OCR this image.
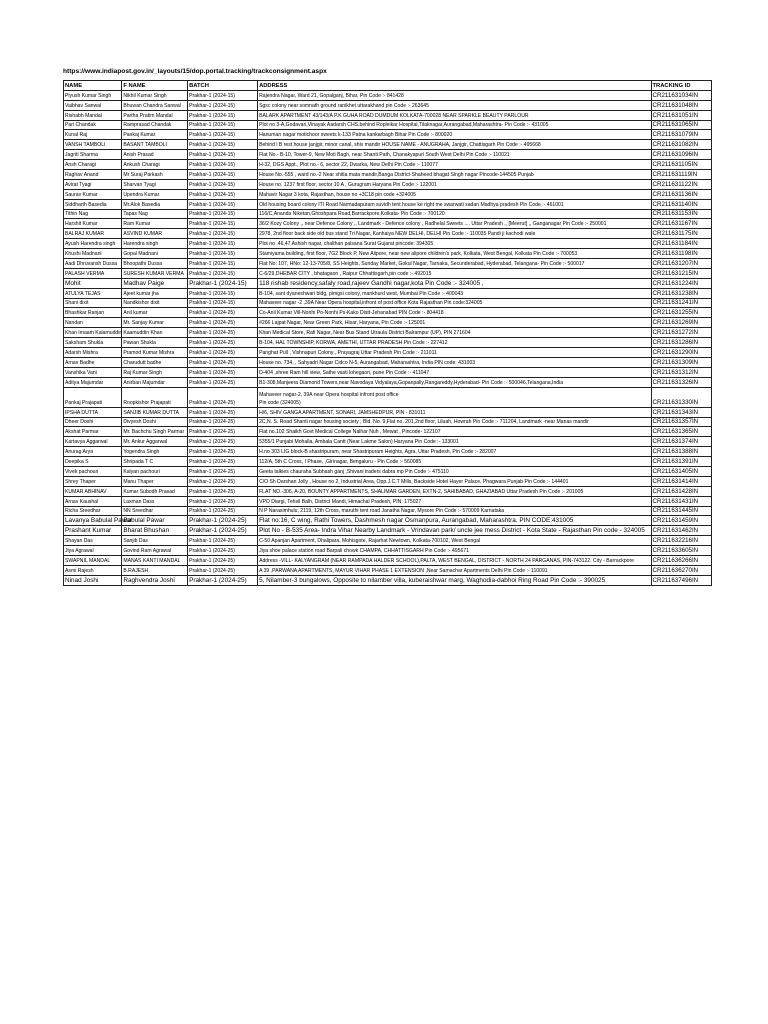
https://www.indiapost.gov.in/_layouts/15/dop.portal.tracking/trackconsignment.aspx
NAME	F NAME	BATCH	ADDRESS	TRACKING ID
Piyush Kumar Singh	Nikhil Kumar Singh	Prakhar-1 (2024-15)	Rajendra Nagar, Ward 21, Gopalganj, Bihar, Pin Code :- 841428	CR211631034IN
Vaibhav Sanwal	Bhuwan Chandra Sanwal	Prakhar-1 (2024-15)	Sgsc colony near somnath ground ranikhet uttarakhand pin Code :- 263645	CR211631048IN
Rishabh Mandal	Partha Pratim Mandal	Prakhar-1 (2024-15)	BALARK APARTMENT 43/143/A P.K GUHA ROAD DUMDUM KOLKATA-700028 NEAR SPARKLE BEAUTY PARLOUR	CR211631051IN
Pari Chandak	Ramprasad Chandak	Prakhar-1 (2024-15)	Plot no 3-A,Godavari,Vinayak Aadarsh CHS,behind Ropleikar Hospital,Tilaknagar,Aurangabad,Maharashtra- Pin Code :- 431005	CR211631065IN
Kunal Raj	Pankaj Kumar	Prakhar-1 (2024-15)	Hanuman nagar motichoor sweets k-133 Patna kankarbagh Bihar Pin Code :- 800020	CR211631079IN
VANSH TAMBOLI	BASANT TAMBOLI	Prakhar-1 (2024-15)	Behind l B rest house janjgir, minor canal, shiv mandir HOUSE NAME - ANUGRAHA, Janjgir, Chattisgarh Pin Code :- 495668	CR211631082IN
Jagriti Sharma	Anish Prasad	Prakhar-1 (2024-15)	Flat No.- B-10, Tower-9, New Moti Bagh, near Shanti Path, Chanakyapuri South West Delhi Pin Code :- 110021	CR211631096IN
Ansh Charagi	Ankush Charagi	Prakhar-1 (2024-15)	H-32, DGS Appt., Plot no.- 6, sector 22, Dwarka, New Delhi Pin Code :- 110077	CR211631105IN
Raghav Anand	Mr Suraj Parkash	Prakhar-1 (2024-15)	House No.-555 , ward no.-2 Near shitla mata mandir,Banga District-Shaheed bhagat Singh nagar Pincode-144505 Punjab	CR211631119IN
Avirat Tyagi	Sharvan Tyagi	Prakhar-1 (2024-15)	House no. 1237 first floor, sector 10 A , Gurugram Haryana Pin Code :- 122001	CR211631122IN
Saurav Kumar	Upendra Kumar	Prakhar-1 (2024-15)	Mahavir Nagar 3 kota, Rajasthan, house no +3C18 pin code +324005	CR211631136IN
Siddharth Basedia	Mr.Alok Basedia	Prakhar-1 (2024-15)	Old housing board colony ITI Road Narmadapuram suvidh tent house ke right me swarwati sadan Madhya pradesh Pin Code :- 461001	CR211631140IN
Tithin Nag	Tapas Nag	Prakhar-1 (2024-15)	116/C,Ananda Niketan,Ghoshpara Road,Barrackpore,Kolkata- Pin Code :- 700120	CR211631153IN
Harshit Kumar	Ram Kumar	Prakhar-1 (2024-15)	36/2 Kozy Colony ,, near Defence Colony ,, Landmark - Defence colony , Radhelal Sweets .... Uttar Pradesh ,, [Meerut] ,, Ganganagar Pin Code :- 250001	CR211631167IN
BALRAJ KUMAR	ASVIND KUMAR	Prakhar-1 (2024-15)	2978, 2nd floor back side old bus stand Tri Nagar, Kanhaiya NEW DELHI, DELHI Pin Code :- 110035 Pandi ji kachodi wale	CR211631175IN
Ayush Harendra singh	Harendra singh	Prakhar-1 (2024-15)	Plot no .46,47 Ashish nagar, chalthan palsana Surat Gujarat pincode: 394305	CR211631184IN
Khushi Madnani	Gopal Madnani	Prakhar-1 (2024-15)	Stamiyama building, first floor, 7G2 Block P, New Alipore, near new alipore children's park, Kolkata, West Bengal, Kolkata Pin Code :- 700053	CR211631198IN
Aadi Dhruvansh Dussa	Bhoopathi Dussa	Prakhar-1 (2024-15)	Flat No: 107, HNo: 12-13-705/8, SS Heights, Sunday Market, Gokul Nagar, Tarnaka, Secunderabad, Hyderabad, Telangana- Pin Code :- 500017	CR211631207IN
PALASH VERMA	SURESH KUMAR VERMA	Prakhar-1 (2024-15)	C-6/29,DHEBAR CITY , bhatagaon , Raipur Chhattisgarh,pin code :- 492015	CR211631215IN
Mohit	Madhav Paige	Prakhar-1 (2024-15)	118 rishab residency,safaly road,rajeev Gandhi nagar,kota Pin Code :- 324005 ,	CR211631224IN
ATULYA TEJAS	Ajeet kumar jha	Prakhar-1 (2024-15)	B-104, sant dyaneshwari bldg, pimgsi colony, mankhurd west, Mumbai Pin Code :- 400043	CR211631238IN
Shani dixit	Nandkishor dixit	Prakhar-1 (2024-15)	Mahaveer nagar -2 ,39A Near Opera hospital,infront of post office Kota Rajasthan Pin code:324005	CR211631241IN
Bhashkar Ranjan	Anil kumar	Prakhar-1 (2024-25)	Co-Anil Kumar Vill-Nonhi Po-Nonhi Ps-Kako Distt-Jehanabad PIN Code :- 804418	CR211631255IN
Nandan	Mr. Sanjay Kumar	Prakhar-1 (2024-25)	#266 Lajpat Nagar, Near Green Park, Hisar, Haryana, Pin Code :- 125001	CR211631269IN
Khan Imaam Kalamuddin	Kaamuddin Khan	Prakhar-1 (2024-25)	Khan Medical Store, Rafi Nagar, Near Bus Stand Utraula District Balrampur (UP), PIN 271604	CR211631272IN
Saksham Shukla	Pawan Shukla	Prakhar-1 (2024-25)	B-104, HAL TOWNSHIP, KORWA, AMETHI, UTTAR PRADESH Pin Code :- 227412	CR211631286IN
Adarsh Mishra	Pramod Kumar Mishra	Prakhar-1 (2024-25)	Panghat Pull , Vishnapuri Colony , Prayagraj Uttar Pradesh Pin Code :- 211011	CR211631290IN
Arnav Badhe	Charudutt badhe	Prakhar-1 (2024-25)	House no. 734, , Sahyadri Nagar Cidco N-5, Aurangabad, Maharashtra, India PIN code: 431003	CR211631309IN
Vanshika Vani	Raj Kumar Singh	Prakhar-1 (2024-25)	D-404 ,shree Ram hill view, Sathe vasti lohegaon, pune Pin Code :- 411047	CR211631312IN
Aditya Majumdar	Anirban Majumdar	Prakhar-1 (2024-25)	B1-308,Manjeera Diamond Towers,near Navodaya Vidyalaya,Gopanpally,Rangareddy,Hyderabad- Pin Code :- 500046,Telangana,India	CR211631326IN
Pankaj Prajapati	Roopkishor Prajapati	Prakhar-1 (2024-25)	Mahaveer nagar-2, 39A near Opera hospital infront post office
Pin code (324005)	CR211631330IN
IPSHA DUTTA	SANJIB KUMAR DUTTA	Prakhar-1 (2024-25)	H/6, SHIV GANGA APARTMENT, SONARI, JAMSHEDPUR, PIN - 831011	CR211631343IN
Dheer Doshi	Divyesh Doshi	Prakhar-1 (2024-25)	2C,N. S. Road Shanti nagar housing society , Bld. No. 9,Flat no. 201,2nd floor, Liluah, Howrah Pin Code :- 711204, Landmark -near Manas mandir	CR211631357IN
Akshat Parmar	Mr. Bachchu Singh Parmar	Prakhar-1 (2024-25)	Flat no.102 Shaikh Govt Medical College Nalhar Nuh , Mewat , Pincode- 122107	CR211631365IN
Kartavya Aggarwal	Mr. Ankur Aggarwal	Prakhar-1 (2024-25)	5355/1 Punjabi Mohalla, Ambala Cantt (Near Lakme Salon) Haryana Pin Code :- 133001	CR211631374IN
Anurag Arya	Yogendra Singh	Prakhar-1 (2024-25)	H.no 303 LIG block-B shastripuram, near Shastripuram Heights, Agra, Uttar Pradesh, Pin Code :- 282007	CR211631388IN
Deepika S	Shripada T C	Prakhar-1 (2024-25)	112/A, 5th C Cross, I Phase, ,Girinagar, Bengaluru - Pin Code :- 560085	CR211631391IN
Vivek pachouri	Kalyan pachouri	Prakhar-1 (2024-25)	Geeta talkies chauraha Subhash ganj ,Shivani traders dabra mp Pin Code :- 475110	CR211631405IN
Shrey Thaper	Manu Thaper	Prakhar-1 (2024-25)	C/O Sh Darshan Jolly , House no 2, Industrial Area, Opp.J.C.T Mills, Backside Hotel Hayer Palace, Phagwara Punjab Pin Code :- 144401	CR211631414IN
KUMAR ABHINAV	Kumar Subodh Prasad	Prakhar-1 (2024-25)	FLAT NO.-306, A-20, BOUNTY APPARTMENTS, SHALIMAR GARDEN, EXTN-2, SAHIBABAD, GHAZIABAD Uttar Pradesh Pin Code :- 201005	CR211631428IN
Arnav Kaushal	Laxman Dass	Prakhar-1 (2024-25)	VPO Diargi, Tehsil Balh, District Mandi, Himachal Pradesh, PIN: 175027	CR211631431IN
Richa Sreedhar	NN Sreedhar	Prakhar-1 (2024-25)	N P Narasimhulu, 2119, 12th Cross, maruthi tent road Janatha Nagar, Mysore Pin Code :- 570009 Karnataka	CR211631445IN
Lavanya Babulal Pawar	Babulal Pawar	Prakhar-1 (2024-25)	Flat no:16, C wing, Rathi Towers, Dashmesh nagar Osmanpura, Aurangabad, Maharashtra. PIN CODE:431005	CR211631459IN
Prashant Kumar	Bharat Bhushan	Prakhar-1 (2024-25)	Plot No - B-535 Area- Indra Vihar Nearby Landmark - Vrindavan park/ uncle jee mess District - Kota State - Rajasthan Pin code - 324005	CR211631462IN
Shayan Das	Sanjib Das	Prakhar-1 (2024-25)	C-50 Apanjan Apartment, Dhalipara, Mohisgote, Rajarhat Newtown, Kolkata-700102, West Bengal	CR211632216IN
Jiya Agrawal	Govind Ram Agrawal	Prakhar-1 (2024-25)	Jiya shoe palace station road Barpali chowk CHAMPA, CHHATTISGARH Pin Code :- 495671	CR211633605IN
SWAPNIL MANDAL	MANAS KANTI MANDAL	Prakhar-1 (2024-25)	Address -VILL- KALYANGRAM (NEAR RAMPADA HALDER SCHOOL),PALTA, WEST BENGAL, DISTRICT - NORTH 24 PARGANAS, PIN-743122. City - Barrackpore	CR211636266IN
Asmi Rajesh	B.RAJESH	Prakhar-1 (2024-25)	A 39 ,PARWANA APARTMENTS, MAYUR VIHAR PHASE 1 EXTENSION ,Near Samachar Apartments Delhi Pin Code :- 110091	CR211636270IN
Ninad Joshi	Raghvendra Joshi	Prakhar-1 (2024-25)	5, Nilamber-3 bungalows, Opposite to nilamber villa, kuberaishwar marg, Waghodia-dabhoi Ring Road Pin Code :- 390025	CR211637496IN
